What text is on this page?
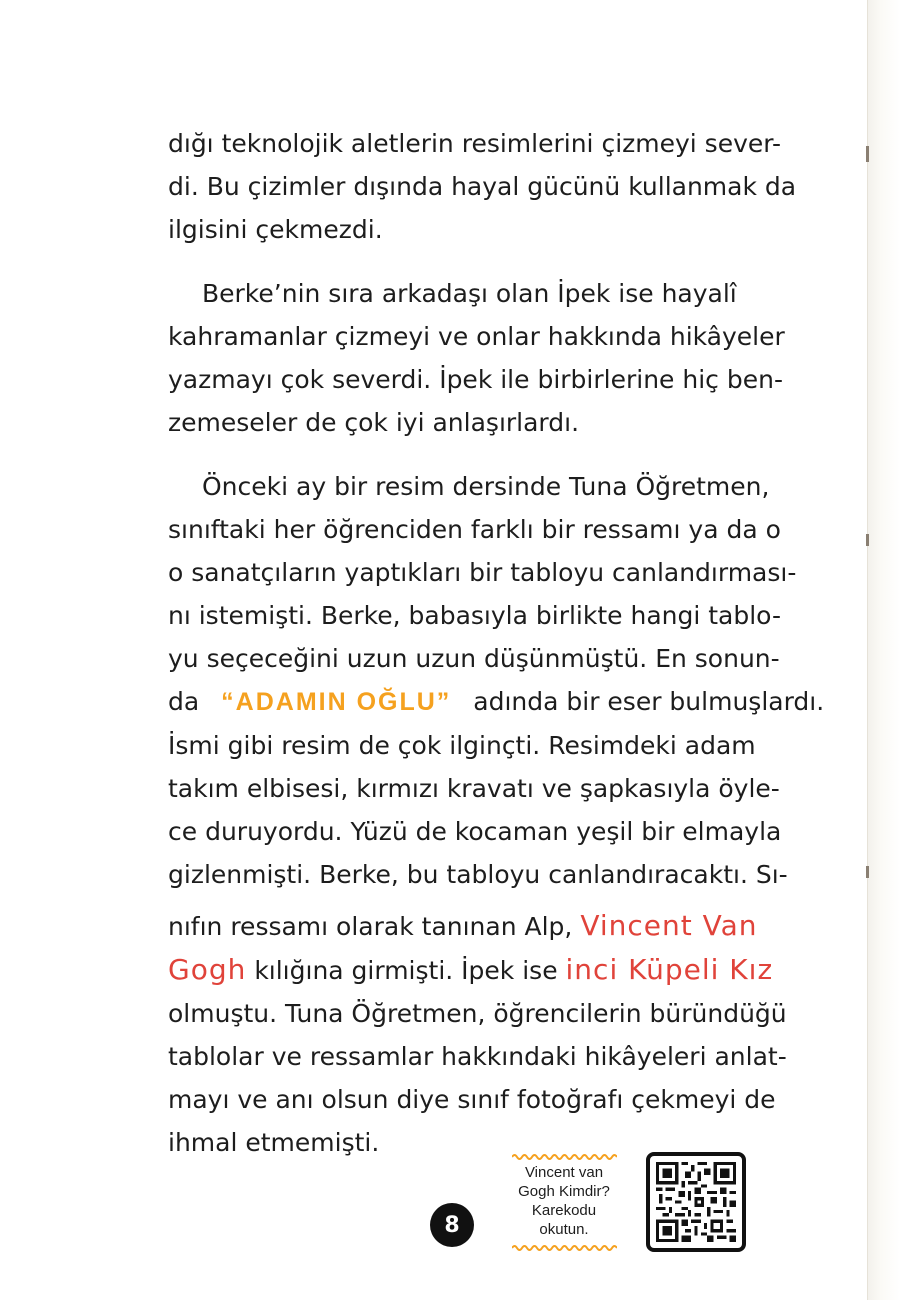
dığı teknolojik aletlerin resimlerini çizmeyi sever-
di. Bu çizimler dışında hayal gücünü kullanmak da
ilgisini çekmezdi.

Berke’nin sıra arkadaşı olan İpek ise hayalî
kahramanlar çizmeyi ve onlar hakkında hikâyeler
yazmayı çok severdi. İpek ile birbirlerine hiç ben-
zemeseler de çok iyi anlaşırlardı.

Önceki ay bir resim dersinde Tuna Öğretmen,
sınıftaki her öğrenciden farklı bir ressamı ya da o
o sanatçıların yaptıkları bir tabloyu canlandırması-
nı istemişti. Berke, babasıyla birlikte hangi tablo-
yu seçeceğini uzun uzun düşünmüştü. En sonun-
da “ADAMIN OĞLU” adında bir eser bulmuşlardı.
İsmi gibi resim de çok ilginçti. Resimdeki adam
takım elbisesi, kırmızı kravatı ve şapkasıyla öyle-
ce duruyordu. Yüzü de kocaman yeşil bir elmayla
gizlenmişti. Berke, bu tabloyu canlandıracaktı. Sı-
nıfın ressamı olarak tanınan Alp, Vincent Van
Gogh kılığına girmişti. İpek ise inci Küpeli Kız
olmuştu. Tuna Öğretmen, öğrencilerin büründüğü
tablolar ve ressamlar hakkındaki hikâyeleri anlat-
mayı ve anı olsun diye sınıf fotoğrafı çekmeyi de
ihmal etmemişti.

8
Vincent van
Gogh Kimdir?
Karekodu
okutun.
